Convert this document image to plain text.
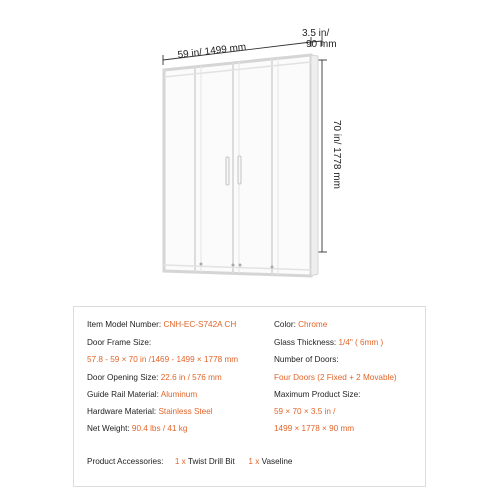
59 in/ 1499 mm
3.5 in/
90 mm
70 in/ 1778 mm
Item Model Number: CNH-EC-S742A CH
Door Frame Size:
57.8 - 59 × 70 in /1469 - 1499 × 1778 mm
Door Opening Size: 22.6 in / 576 mm
Guide Rail Material: Aluminum
Hardware Material: Stainless Steel
Net Weight: 90.4 lbs / 41 kg
Color: Chrome
Glass Thickness: 1/4" ( 6mm )
Number of Doors:
Four Doors (2 Fixed + 2 Movable)
Maximum Product Size:
59 × 70 × 3.5 in /
1499 × 1778 × 90 mm
Product Accessories: 1 x Twist Drill Bit 1 x Vaseline
